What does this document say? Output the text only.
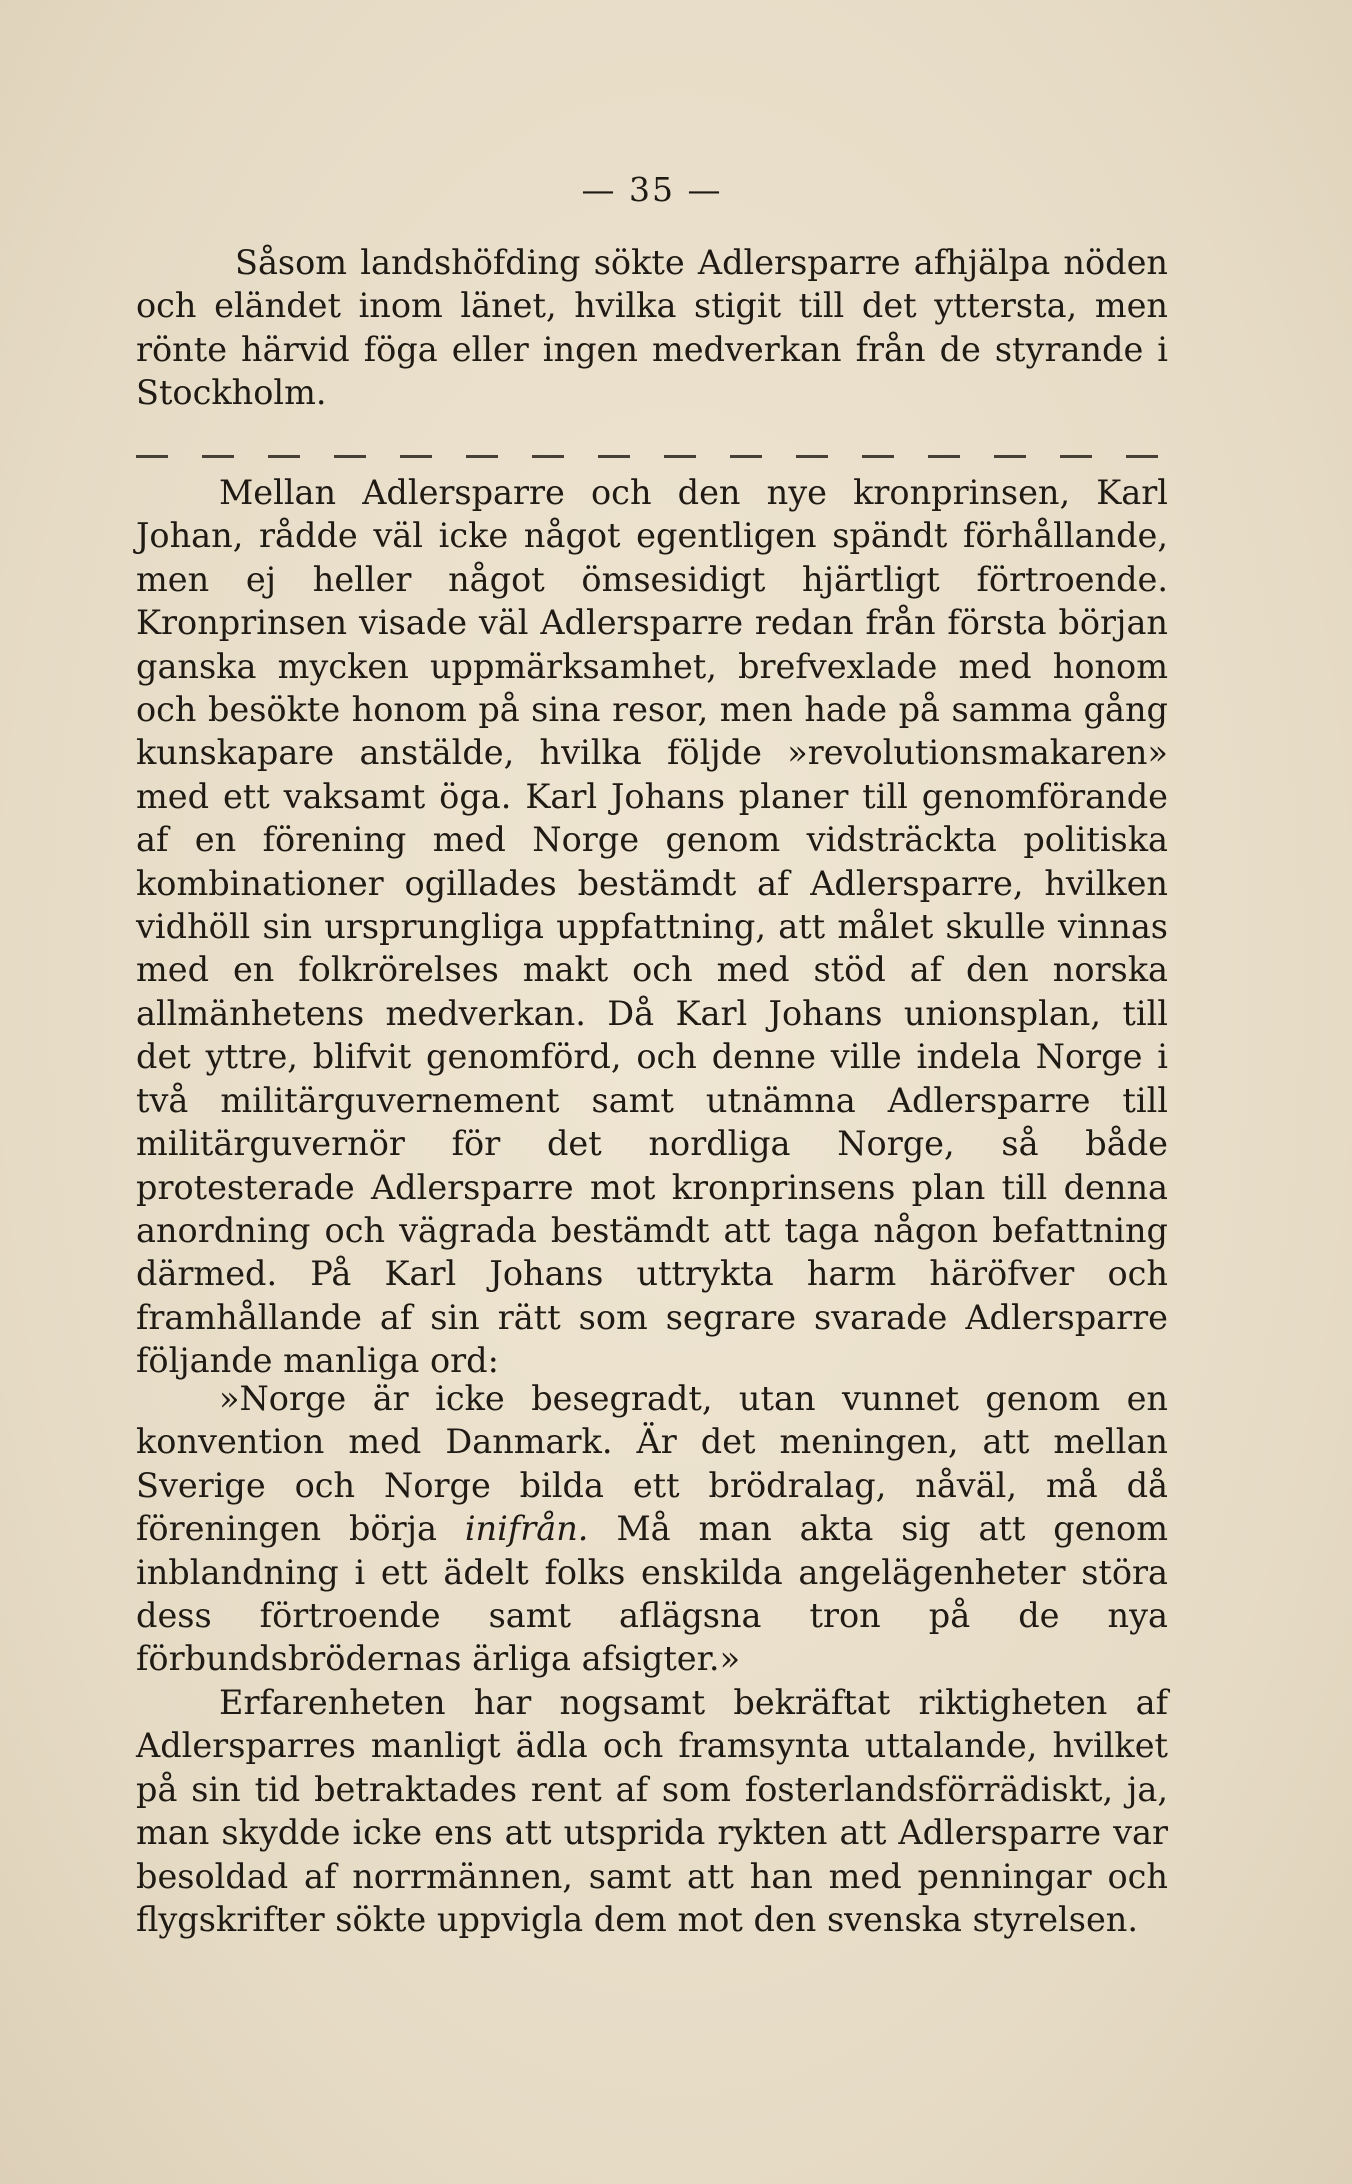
— 35 —

Såsom landshöfding sökte Adlersparre afhjälpa nöden och eländet inom länet, hvilka stigit till det yttersta, men rönte härvid föga eller ingen medverkan från de styrande i Stockholm.

Mellan Adlersparre och den nye kronprinsen, Karl Johan, rådde väl icke något egentligen spändt förhållande, men ej heller något ömsesidigt hjärtligt förtroende. Kronprinsen visade väl Adlersparre redan från första början ganska mycken uppmärksamhet, brefvexlade med honom och besökte honom på sina resor, men hade på samma gång kunskapare anstälde, hvilka följde »revolutionsmakaren» med ett vaksamt öga. Karl Johans planer till genomförande af en förening med Norge genom vidsträckta politiska kombinationer ogillades bestämdt af Adlersparre, hvilken vidhöll sin ursprungliga uppfattning, att målet skulle vinnas med en folkrörelses makt och med stöd af den norska allmänhetens medverkan. Då Karl Johans unionsplan, till det yttre, blifvit genomförd, och denne ville indela Norge i två militärguvernement samt utnämna Adlersparre till militärguvernör för det nordliga Norge, så både protesterade Adlersparre mot kronprinsens plan till denna anordning och vägrada bestämdt att taga någon befattning därmed. På Karl Johans uttrykta harm häröfver och framhållande af sin rätt som segrare svarade Adlersparre följande manliga ord:

»Norge är icke besegradt, utan vunnet genom en konvention med Danmark. Är det meningen, att mellan Sverige och Norge bilda ett brödralag, nåväl, må då föreningen börja inifrån. Må man akta sig att genom inblandning i ett ädelt folks enskilda angelägenheter störa dess förtroende samt aflägsna tron på de nya förbundsbrödernas ärliga afsigter.»

Erfarenheten har nogsamt bekräftat riktigheten af Adlersparres manligt ädla och framsynta uttalande, hvilket på sin tid betraktades rent af som fosterlandsförrädiskt, ja, man skydde icke ens att utsprida rykten att Adlersparre var besoldad af norrmännen, samt att han med penningar och flygskrifter sökte uppvigla dem mot den svenska styrelsen.
